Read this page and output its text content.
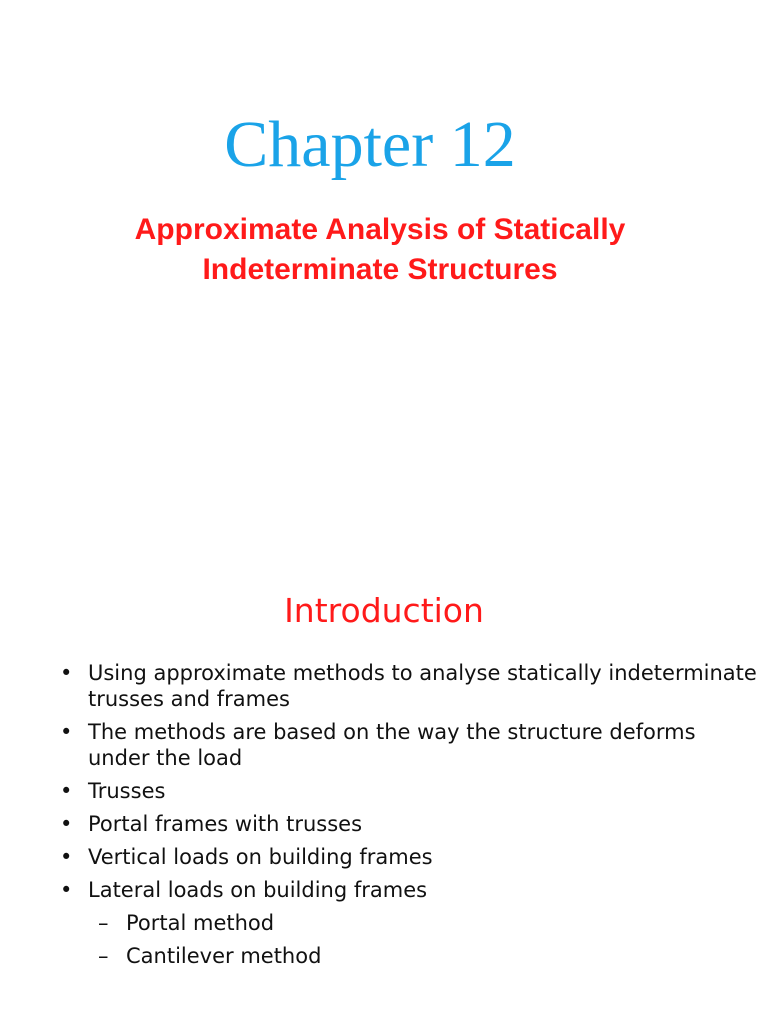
Chapter 12
Approximate Analysis of Statically
Indeterminate Structures
Introduction
• Using approximate methods to analyse statically indeterminate trusses and frames
• The methods are based on the way the structure deforms under the load
• Trusses
• Portal frames with trusses
• Vertical loads on building frames
• Lateral loads on building frames
– Portal method
– Cantilever method
